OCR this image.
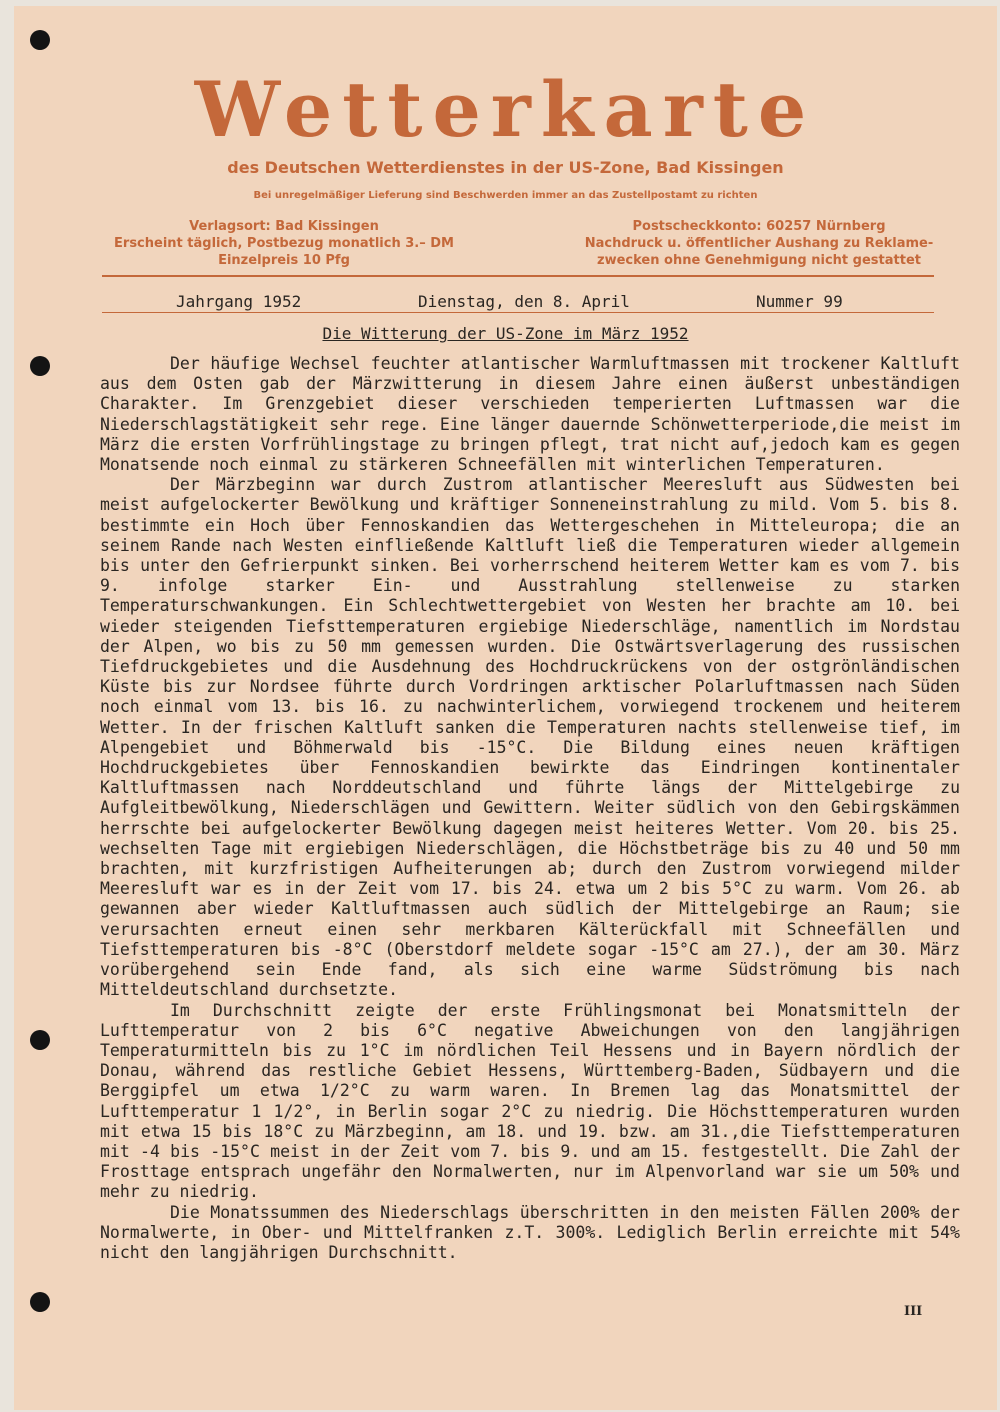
Wetterkarte
des Deutschen Wetterdienstes in der US-Zone, Bad Kissingen
Bei unregelmäßiger Lieferung sind Beschwerden immer an das Zustellpostamt zu richten
Verlagsort: Bad Kissingen
Erscheint täglich, Postbezug monatlich 3.– DM
Einzelpreis 10 Pfg
Postscheckkonto: 60257 Nürnberg
Nachdruck u. öffentlicher Aushang zu Reklame-
zwecken ohne Genehmigung nicht gestattet
Jahrgang 1952	Dienstag, den 8. April	Nummer 99
Die Witterung der US-Zone im März 1952

Der häufige Wechsel feuchter atlantischer Warmluftmassen mit trockener Kaltluft aus dem Osten gab der Märzwitterung in diesem Jahre einen äußerst unbeständigen Charakter. Im Grenzgebiet dieser verschieden temperierten Luftmassen war die Niederschlagstätigkeit sehr rege. Eine länger dauernde Schönwetterperiode,die meist im März die ersten Vorfrühlingstage zu bringen pflegt, trat nicht auf,jedoch kam es gegen Monatsende noch einmal zu stärkeren Schneefällen mit winterlichen Temperaturen.

Der Märzbeginn war durch Zustrom atlantischer Meeresluft aus Südwesten bei meist aufgelockerter Bewölkung und kräftiger Sonneneinstrahlung zu mild. Vom 5. bis 8. bestimmte ein Hoch über Fennoskandien das Wettergeschehen in Mitteleuropa; die an seinem Rande nach Westen einfließende Kaltluft ließ die Temperaturen wieder allgemein bis unter den Gefrierpunkt sinken. Bei vorherrschend heiterem Wetter kam es vom 7. bis 9. infolge starker Ein- und Ausstrahlung stellenweise zu starken Temperaturschwankungen. Ein Schlechtwettergebiet von Westen her brachte am 10. bei wieder steigenden Tiefsttemperaturen ergiebige Niederschläge, namentlich im Nordstau der Alpen, wo bis zu 50 mm gemessen wurden. Die Ostwärtsverlagerung des russischen Tiefdruckgebietes und die Ausdehnung des Hochdruckrückens von der ostgrönländischen Küste bis zur Nordsee führte durch Vordringen arktischer Polarluftmassen nach Süden noch einmal vom 13. bis 16. zu nachwinterlichem, vorwiegend trockenem und heiterem Wetter. In der frischen Kaltluft sanken die Temperaturen nachts stellenweise tief, im Alpengebiet und Böhmerwald bis -15°C. Die Bildung eines neuen kräftigen Hochdruckgebietes über Fennoskandien bewirkte das Eindringen kontinentaler Kaltluftmassen nach Norddeutschland und führte längs der Mittelgebirge zu Aufgleitbewölkung, Niederschlägen und Gewittern. Weiter südlich von den Gebirgskämmen herrschte bei aufgelockerter Bewölkung dagegen meist heiteres Wetter. Vom 20. bis 25. wechselten Tage mit ergiebigen Niederschlägen, die Höchstbeträge bis zu 40 und 50 mm brachten, mit kurzfristigen Aufheiterungen ab; durch den Zustrom vorwiegend milder Meeresluft war es in der Zeit vom 17. bis 24. etwa um 2 bis 5°C zu warm. Vom 26. ab gewannen aber wieder Kaltluftmassen auch südlich der Mittelgebirge an Raum; sie verursachten erneut einen sehr merkbaren Kälterückfall mit Schneefällen und Tiefsttemperaturen bis -8°C (Oberstdorf meldete sogar -15°C am 27.), der am 30. März vorübergehend sein Ende fand, als sich eine warme Südströmung bis nach Mitteldeutschland durchsetzte.

Im Durchschnitt zeigte der erste Frühlingsmonat bei Monatsmitteln der Lufttemperatur von 2 bis 6°C negative Abweichungen von den langjährigen Temperaturmitteln bis zu 1°C im nördlichen Teil Hessens und in Bayern nördlich der Donau, während das restliche Gebiet Hessens, Württemberg-Baden, Südbayern und die Berggipfel um etwa 1/2°C zu warm waren. In Bremen lag das Monatsmittel der Lufttemperatur 1 1/2°, in Berlin sogar 2°C zu niedrig. Die Höchsttemperaturen wurden mit etwa 15 bis 18°C zu Märzbeginn, am 18. und 19. bzw. am 31.,die Tiefsttemperaturen mit -4 bis -15°C meist in der Zeit vom 7. bis 9. und am 15. festgestellt. Die Zahl der Frosttage entsprach ungefähr den Normalwerten, nur im Alpenvorland war sie um 50% und mehr zu niedrig.

Die Monatssummen des Niederschlags überschritten in den meisten Fällen 200% der Normalwerte, in Ober- und Mittelfranken z.T. 300%. Lediglich Berlin erreichte mit 54% nicht den langjährigen Durchschnitt.

III
